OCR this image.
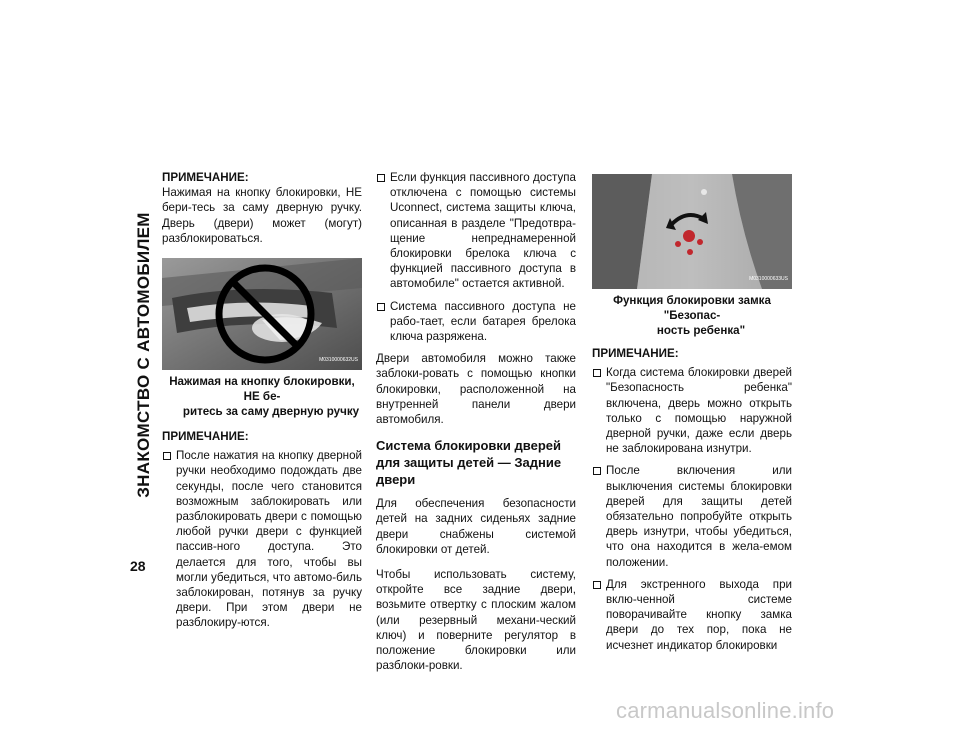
ЗНАКОМСТВО С АВТОМОБИЛЕМ
28
ПРИМЕЧАНИЕ:

Нажимая на кнопку блокировки, НЕ бери-тесь за саму дверную ручку. Дверь (двери) может (могут) разблокироваться.

M0310000632US
Нажимая на кнопку блокировки, НЕ бе-
ритесь за саму дверную ручку
ПРИМЕЧАНИЕ:
После нажатия на кнопку дверной ручки необходимо подождать две секунды, после чего становится возможным заблокировать или разблокировать двери с помощью любой ручки двери с функцией пассив-ного доступа. Это делается для того, чтобы вы могли убедиться, что автомо-биль заблокирован, потянув за ручку двери. При этом двери не разблокиру-ются.
Если функция пассивного доступа отключена с помощью системы Uconnect, система защиты ключа, описанная в разделе "Предотвра-щение непреднамеренной блокировки брелока ключа с функцией пассивного доступа в автомобиле" остается активной.
Система пассивного доступа не рабо-тает, если батарея брелока ключа разряжена.

Двери автомобиля можно также заблоки-ровать с помощью кнопки блокировки, расположенной на внутренней панели двери автомобиля.

Система блокировки дверей для защиты детей — Задние двери

Для обеспечения безопасности детей на задних сиденьях задние двери снабжены системой блокировки от детей.

Чтобы использовать систему, откройте все задние двери, возьмите отвертку с плоским жалом (или резервный механи-ческий ключ) и поверните регулятор в положение блокировки или разблоки-ровки.

M0310000633US
Функция блокировки замка "Безопас-
ность ребенка"
ПРИМЕЧАНИЕ:
Когда система блокировки дверей "Безопасность ребенка" включена, дверь можно открыть только с помощью наружной дверной ручки, даже если дверь не заблокирована изнутри.
После включения или выключения системы блокировки дверей для защиты детей обязательно попробуйте открыть дверь изнутри, чтобы убедиться, что она находится в жела-емом положении.
Для экстренного выхода при вклю-ченной системе поворачивайте кнопку замка двери до тех пор, пока не исчезнет индикатор блокировки
carmanualsonline.info
